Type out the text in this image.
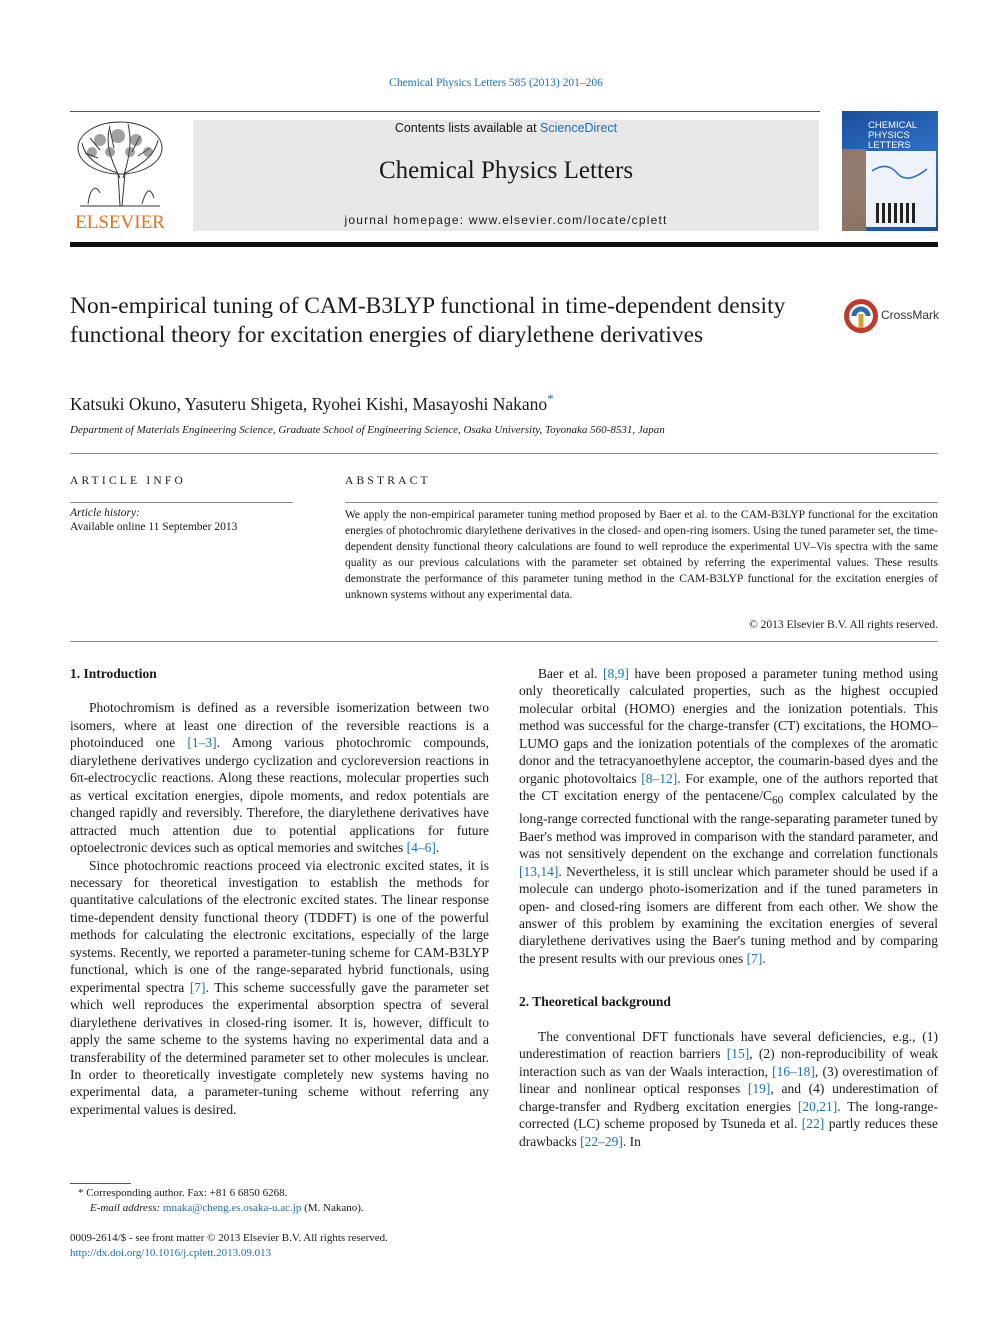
Chemical Physics Letters 585 (2013) 201–206
ELSEVIER
Contents lists available at ScienceDirect
Chemical Physics Letters
journal homepage: www.elsevier.com/locate/cplett
CHEMICAL
PHYSICS
LETTERS
Non-empirical tuning of CAM-B3LYP functional in time-dependent density functional theory for excitation energies of diarylethene derivatives
CrossMark
Katsuki Okuno, Yasuteru Shigeta, Ryohei Kishi, Masayoshi Nakano*
Department of Materials Engineering Science, Graduate School of Engineering Science, Osaka University, Toyonaka 560-8531, Japan
ARTICLE INFO
Article history:
Available online 11 September 2013
ABSTRACT
We apply the non-empirical parameter tuning method proposed by Baer et al. to the CAM-B3LYP functional for the excitation energies of photochromic diarylethene derivatives in the closed- and open-ring isomers. Using the tuned parameter set, the time-dependent density functional theory calculations are found to well reproduce the experimental UV–Vis spectra with the same quality as our previous calculations with the parameter set obtained by referring the experimental values. These results demonstrate the performance of this parameter tuning method in the CAM-B3LYP functional for the excitation energies of unknown systems without any experimental data.
© 2013 Elsevier B.V. All rights reserved.
1. Introduction

Photochromism is defined as a reversible isomerization between two isomers, where at least one direction of the reversible reactions is a photoinduced one [1–3]. Among various photochromic compounds, diarylethene derivatives undergo cyclization and cycloreversion reactions in 6π-electrocyclic reactions. Along these reactions, molecular properties such as vertical excitation energies, dipole moments, and redox potentials are changed rapidly and reversibly. Therefore, the diarylethene derivatives have attracted much attention due to potential applications for future optoelectronic devices such as optical memories and switches [4–6].

Since photochromic reactions proceed via electronic excited states, it is necessary for theoretical investigation to establish the methods for quantitative calculations of the electronic excited states. The linear response time-dependent density functional theory (TDDFT) is one of the powerful methods for calculating the electronic excitations, especially of the large systems. Recently, we reported a parameter-tuning scheme for CAM-B3LYP functional, which is one of the range-separated hybrid functionals, using experimental spectra [7]. This scheme successfully gave the parameter set which well reproduces the experimental absorption spectra of several diarylethene derivatives in closed-ring isomer. It is, however, difficult to apply the same scheme to the systems having no experimental data and a transferability of the determined parameter set to other molecules is unclear. In order to theoretically investigate completely new systems having no experimental data, a parameter-tuning scheme without referring any experimental values is desired.

Baer et al. [8,9] have been proposed a parameter tuning method using only theoretically calculated properties, such as the highest occupied molecular orbital (HOMO) energies and the ionization potentials. This method was successful for the charge-transfer (CT) excitations, the HOMO–LUMO gaps and the ionization potentials of the complexes of the aromatic donor and the tetracyanoethylene acceptor, the coumarin-based dyes and the organic photovoltaics [8–12]. For example, one of the authors reported that the CT excitation energy of the pentacene/$C_{60}$ complex calculated by the long-range corrected functional with the range-separating parameter tuned by Baer's method was improved in comparison with the standard parameter, and was not sensitively dependent on the exchange and correlation functionals [13,14]. Nevertheless, it is still unclear which parameter should be used if a molecule can undergo photo-isomerization and if the tuned parameters in open- and closed-ring isomers are different from each other. We show the answer of this problem by examining the excitation energies of several diarylethene derivatives using the Baer's tuning method and by comparing the present results with our previous ones [7].

2. Theoretical background

The conventional DFT functionals have several deficiencies, e.g., (1) underestimation of reaction barriers [15], (2) non-reproducibility of weak interaction such as van der Waals interaction, [16–18], (3) overestimation of linear and nonlinear optical responses [19], and (4) underestimation of charge-transfer and Rydberg excitation energies [20,21]. The long-range-corrected (LC) scheme proposed by Tsuneda et al. [22] partly reduces these drawbacks [22–29]. In

* Corresponding author. Fax: +81 6 6850 6268.
E-mail address: mnaka@cheng.es.osaka-u.ac.jp (M. Nakano).
0009-2614/$ - see front matter © 2013 Elsevier B.V. All rights reserved.
http://dx.doi.org/10.1016/j.cplett.2013.09.013
